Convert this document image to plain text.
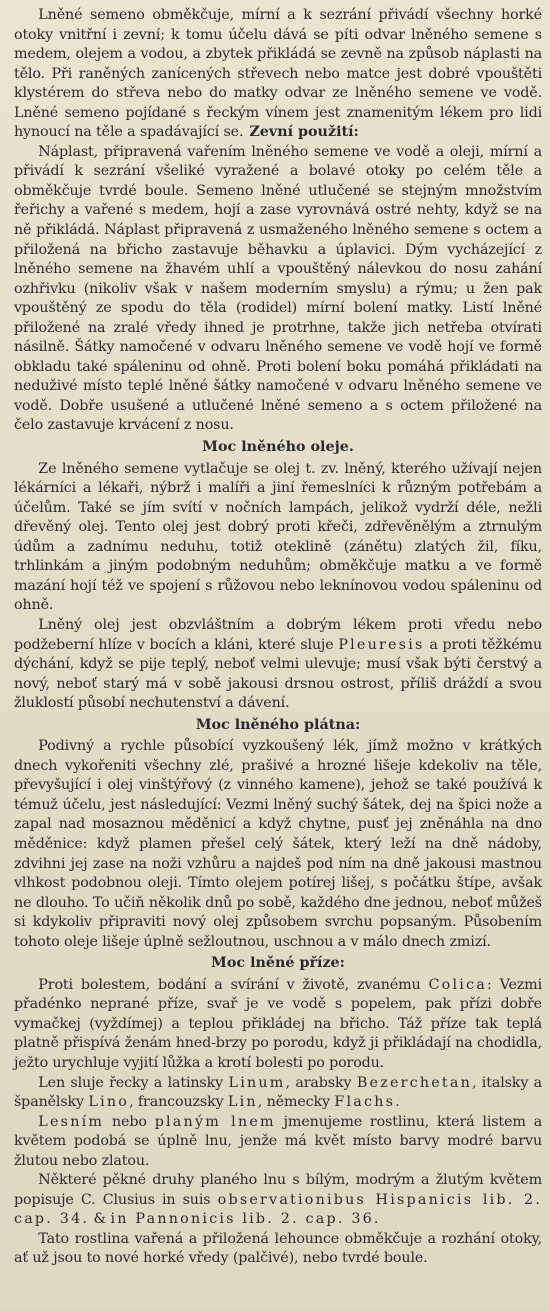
Lněné semeno obměkčuje, mírní a k sezrání přivádí všechny horké otoky vnitřní i zevní; k tomu účelu dává se píti odvar lněného semene s medem, olejem a vodou, a zbytek přikládá se zevně na způsob náplasti na tělo. Při raněných zanícených střevech nebo matce jest dobré vpouštěti klystérem do střeva nebo do matky odvar ze lněného semene ve vodě. Lněné semeno pojídané s řeckým vínem jest znamenitým lékem pro lidi hynoucí na těle a spadávající se. Zevní použití:

Náplast, připravená vařením lněného semene ve vodě a oleji, mírní a přivádí k sezrání všeliké vyražené a bolavé otoky po celém těle a obměkčuje tvrdé boule. Semeno lněné utlučené se stejným množstvím řeřichy a vařené s medem, hojí a zase vyrovnává ostré nehty, když se na ně přikládá. Náplast připravená z usmaženého lněného semene s octem a přiložená na břicho zastavuje běhavku a úplavici. Dým vycházející z lněného semene na žhavém uhlí a vpouštěný nálevkou do nosu zahání ozhřivku (nikoliv však v našem moderním smyslu) a rýmu; u žen pak vpouštěný ze spodu do těla (rodidel) mírní bolení matky. Listí lněné přiložené na zralé vředy ihned je protrhne, takže jich netřeba otvírati násilně. Šátky namočené v odvaru lněného semene ve vodě hojí ve formě obkladu také spáleninu od ohně. Proti bolení boku pomáhá přikládati na neduživé místo teplé lněné šátky namočené v odvaru lněného semene ve vodě. Dobře usušené a utlučené lněné semeno a s octem přiložené na čelo zastavuje krvácení z nosu.

Moc lněného oleje.

Ze lněného semene vytlačuje se olej t. zv. lněný, kterého užívají nejen lékárníci a lékaři, nýbrž i malíři a jiní řemeslníci k různým potřebám a účelům. Také se jím svítí v nočních lampách, jelikož vydrží déle, nežli dřevěný olej. Tento olej jest dobrý proti křeči, zdřevěnělým a ztrnulým údům a zadnímu neduhu, totiž oteklině (zánětu) zlatých žil, fíku, trhlinkám a jiným podobným neduhům; obměkčuje matku a ve formě mazání hojí též ve spojení s růžovou nebo leknínovou vodou spáleninu od ohně.

Lněný olej jest obzvláštním a dobrým lékem proti vředu nebo podžeberní hlíze v bocích a kláni, které sluje Pleuresis a proti těžkému dýchání, když se pije teplý, neboť velmi ulevuje; musí však býti čerstvý a nový, neboť starý má v sobě jakousi drsnou ostrost, příliš dráždí a svou žluklostí působí nechutenství a dávení.

Moc lněného plátna:

Podivný a rychle působící vyzkoušený lék, jímž možno v krátkých dnech vykořeniti všechny zlé, prašivé a hrozné lišeje kdekoliv na těle, převyšující i olej vinštýřový (z vinného kamene), jehož se také používá k témuž účelu, jest následující: Vezmi lněný suchý šátek, dej na špici nože a zapal nad mosaznou měděnicí a když chytne, pusť jej zněnáhla na dno měděnice: když plamen přešel celý šátek, který leží na dně nádoby, zdvihni jej zase na noži vzhůru a najdeš pod ním na dně jakousi mastnou vlhkost podobnou oleji. Tímto olejem potírej lišej, s počátku štípe, avšak ne dlouho. To učiň několik dnů po sobě, každého dne jednou, neboť můžeš si kdykoliv připraviti nový olej způsobem svrchu popsaným. Působením tohoto oleje lišeje úplně sežloutnou, uschnou a v málo dnech zmizí.

Moc lněné příze:

Proti bolestem, bodání a svírání v životě, zvanému Colica: Vezmi přadénko neprané příze, svař je ve vodě s popelem, pak přízi dobře vymačkej (vyždímej) a teplou přikládej na břicho. Táž příze tak teplá platně přispívá ženám hned-brzy po porodu, když ji přikládají na chodidla, ježto urychluje vyjití lůžka a krotí bolesti po porodu.

Len sluje řecky a latinsky Linum, arabsky Bezerchetan, italsky a španělsky Lino, francouzsky Lin, německy Flachs.

Lesním nebo planým lnem jmenujeme rostlinu, která listem a květem podobá se úplně lnu, jenže má květ místo barvy modré barvu žlutou nebo zlatou.

Některé pěkné druhy planého lnu s bílým, modrým a žlutým květem popisuje C. Clusius in suis observationibus Hispanicis lib. 2. cap. 34. & in Pannonicis lib. 2. cap. 36.

Tato rostlina vařená a přiložená lehounce obměkčuje a rozhání otoky, ať už jsou to nové horké vředy (palčivé), nebo tvrdé boule.
